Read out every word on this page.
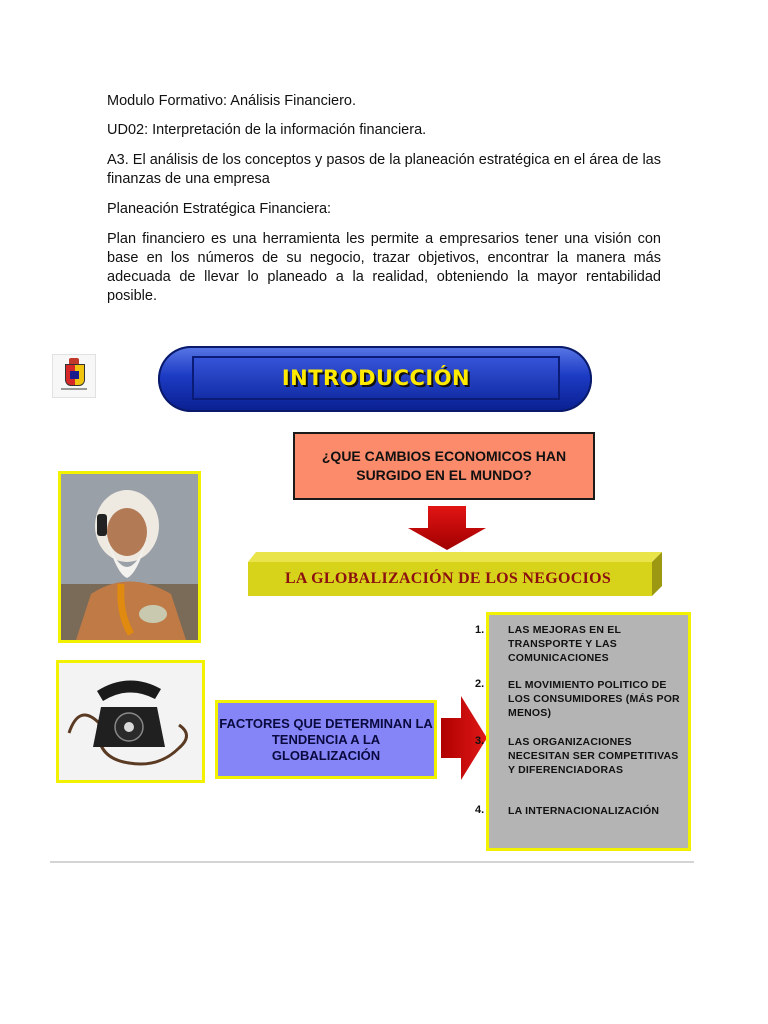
Modulo Formativo: Análisis Financiero.

UD02: Interpretación de la información financiera.

A3. El análisis de los conceptos y pasos de la planeación estratégica en el área de las finanzas de una empresa

Planeación Estratégica Financiera:

Plan financiero es una herramienta les permite a empresarios tener una visión con base en los números de su negocio, trazar objetivos, encontrar la manera más adecuada de llevar lo planeado a la realidad, obteniendo la mayor rentabilidad posible.

INTRODUCCIÓN
¿QUE CAMBIOS ECONOMICOS HAN SURGIDO EN EL MUNDO?
LA GLOBALIZACIÓN DE LOS NEGOCIOS
FACTORES QUE DETERMINAN LA TENDENCIA A LA GLOBALIZACIÓN
1. LAS MEJORAS EN EL TRANSPORTE Y LAS COMUNICACIONES
2. EL MOVIMIENTO POLITICO DE LOS CONSUMIDORES (MÁS POR MENOS)
3. LAS ORGANIZACIONES NECESITAN SER COMPETITIVAS Y DIFERENCIADORAS
4. LA INTERNACIONALIZACIÓN
